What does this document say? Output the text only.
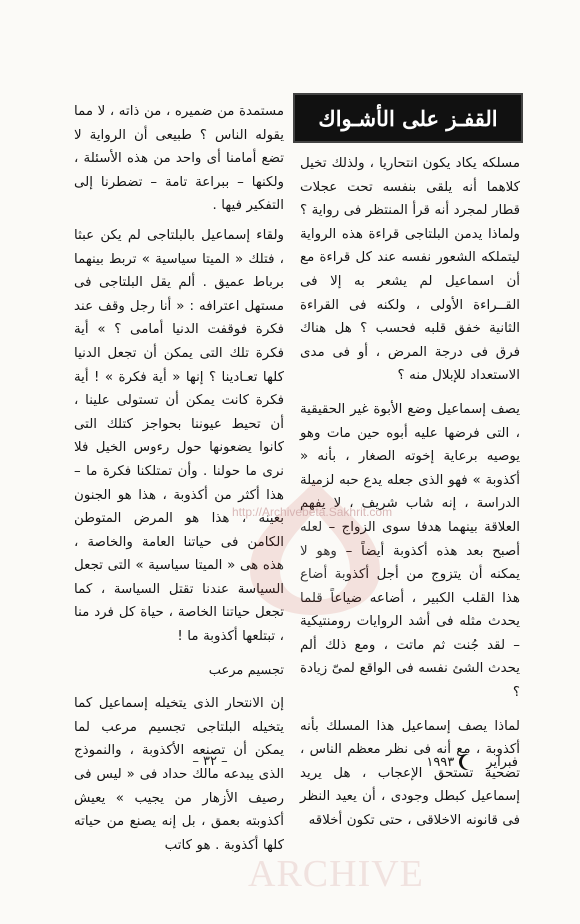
القفـز على الأشـواك

مسلكه يكاد يكون انتحاريا ، ولذلك تخيل كلاهما أنه يلقى بنفسه تحت عجلات قطار لمجرد أنه قرأ المنتظر فى رواية ؟ ولماذا يدمن البلتاجى قراءة هذه الرواية ليتملكه الشعور نفسه عند كل قراءة مع أن اسماعيل لم يشعر به إلا فى القــراءة الأولى ، ولكنه فى القراءة الثانية خفق قلبه فحسب ؟ هل هناك فرق فى درجة المرض ، أو فى مدى الاستعداد للإبلال منه ؟

يصف إسماعيل وضع الأبوة غير الحقيقية ، التى فرضها عليه أبوه حين مات وهو يوصيه برعاية إخوته الصغار ، بأنه « أكذوبة » فهو الذى جعله يدع حبه لزميلة الدراسة ، إنه شاب شريف ، لا يفهم العلاقة بينهما هدفا سوى الزواج – لعله أصبح بعد هذه أكذوبة أيضاً – وهو لا يمكنه أن يتزوج من أجل أكذوبة أضاع هذا القلب الكبير ، أضاعه ضياعاً قلما يحدث مثله فى أشد الروايات رومنتيكية – لقد جُنت ثم ماتت ، ومع ذلك ألم يحدث الشئ نفسه فى الواقع لمىّ زيادة ؟

لماذا يصف إسماعيل هذا المسلك بأنه أكذوبة ، مع أنه فى نظر معظم الناس ، تضحية تستحق الإعجاب ، هل يريد إسماعيل كبطل وجودى ، أن يعيد النظر فى قانونه الاخلاقى ، حتى تكون أخلاقه

مستمدة من ضميره ، من ذاته ، لا مما يقوله الناس ؟ طبيعى أن الرواية لا تضع أمامنا أى واحد من هذه الأسئلة ، ولكنها – ببراعة تامة – تضطرنا إلى التفكير فيها .

ولقاء إسماعيل بالبلتاجى لم يكن عبثا ، فتلك « الميتا سياسية » تربط بينهما برباط عميق . ألم يقل البلتاجى فى مستهل اعترافه : « أنا رجل وقف عند فكرة فوقفت الدنيا أمامى ؟ » أية فكرة تلك التى يمكن أن تجعل الدنيا كلها تعـادينا ؟ إنها « أية فكرة » ! أية فكرة كانت يمكن أن تستولى علينا ، أن تحيط عيوننا بحواجز كتلك التى كانوا يضعونها حول رءوس الخيل فلا نرى ما حولنا . وأن تمتلكنا فكرة ما – هذا أكثر من أكذوبة ، هذا هو الجنون بعينه ، هذا هو المرض المتوطن الكامن فى حياتنا العامة والخاصة ، هذه هى « الميتا سياسية » التى تجعل السياسة عندنا تقتل السياسة ، كما تجعل حياتنا الخاصة ، حياة كل فرد منا ، تبتلعها أكذوبة ما !

تجسيم مرعب

إن الانتحار الذى يتخيله إسماعيل كما يتخيله البلتاجى تجسيم مرعب لما يمكن أن تصنعه الأكذوبة ، والنموذج الذى يبدعه مالك حداد فى « ليس فى رصيف الأزهار من يجيب » يعيش أكذوبته بعمق ، بل إنه يصنع من حياته كلها أكذوبة . هو كاتب

فبراير
١٩٩٣
– ٣٢ –
http://Archivebeta.Sakhrit.com
ARCHIVE
